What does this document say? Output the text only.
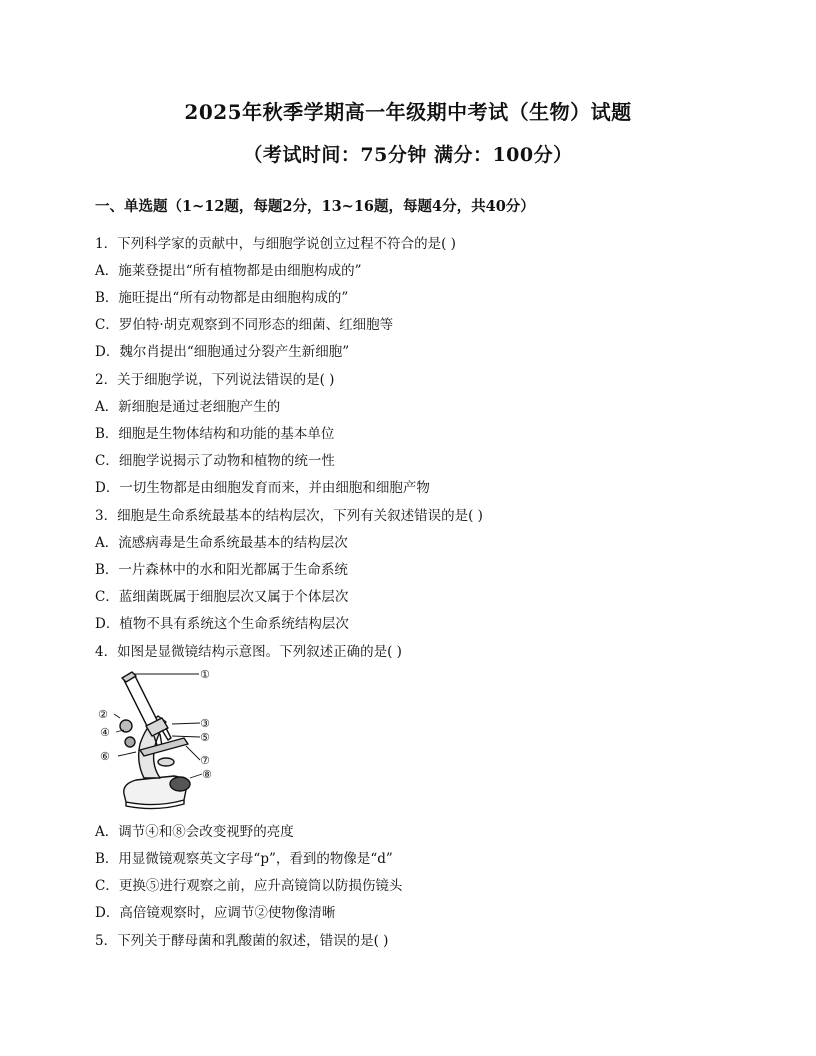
2025年秋季学期高一年级期中考试（生物）试题
（考试时间：75分钟 满分：100分）
一、单选题（1~12题，每题2分，13~16题，每题4分，共40分）
1．下列科学家的贡献中，与细胞学说创立过程不符合的是( )
A．施莱登提出“所有植物都是由细胞构成的”
B．施旺提出“所有动物都是由细胞构成的”
C．罗伯特·胡克观察到不同形态的细菌、红细胞等
D．魏尔肖提出“细胞通过分裂产生新细胞”
2．关于细胞学说，下列说法错误的是( )
A．新细胞是通过老细胞产生的
B．细胞是生物体结构和功能的基本单位
C．细胞学说揭示了动物和植物的统一性
D．一切生物都是由细胞发育而来，并由细胞和细胞产物
3．细胞是生命系统最基本的结构层次，下列有关叙述错误的是( )
A．流感病毒是生命系统最基本的结构层次
B．一片森林中的水和阳光都属于生命系统
C．蓝细菌既属于细胞层次又属于个体层次
D．植物不具有系统这个生命系统结构层次
4．如图是显微镜结构示意图。下列叙述正确的是( )
①
②
③
④	⑤
⑥	⑦
⑧
A．调节④和⑧会改变视野的亮度
B．用显微镜观察英文字母“p”，看到的物像是“d”
C．更换⑤进行观察之前，应升高镜筒以防损伤镜头
D．高倍镜观察时，应调节②使物像清晰
5．下列关于酵母菌和乳酸菌的叙述，错误的是( )
